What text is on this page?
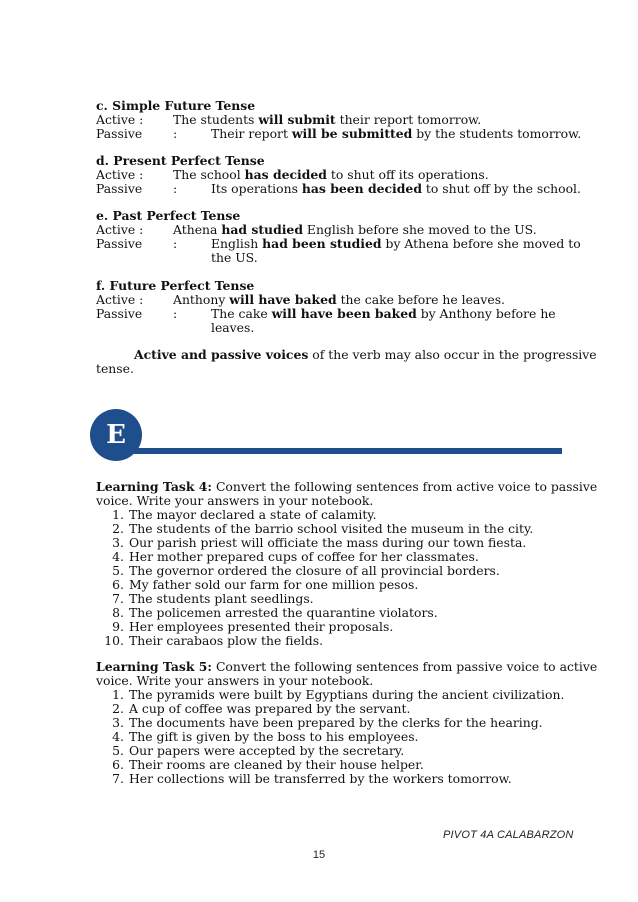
c. Simple Future Tense
Active : The students will submit their report tomorrow.
Passive :	Their report will be submitted by the students tomorrow.
d. Present Perfect Tense
Active : The school has decided to shut off its operations.
Passive :	Its operations has been decided to shut off by the school.
e. Past Perfect Tense
Active : Athena had studied English before she moved to the US.
Passive :	English had been studied by Athena before she moved to
the US.
f. Future Perfect Tense
Active : Anthony will have baked the cake before he leaves.
Passive :	The cake will have been baked by Anthony before he
leaves.
Active and passive voices of the verb may also occur in the progressive
tense.
E
Learning Task 4: Convert the following sentences from active voice to passive
voice. Write your answers in your notebook.
1. The mayor declared a state of calamity.
2. The students of the barrio school visited the museum in the city.
3. Our parish priest will officiate the mass during our town fiesta.
4. Her mother prepared cups of coffee for her classmates.
5. The governor ordered the closure of all provincial borders.
6. My father sold our farm for one million pesos.
7. The students plant seedlings.
8. The policemen arrested the quarantine violators.
9. Her employees presented their proposals.
10. Their carabaos plow the fields.
Learning Task 5: Convert the following sentences from passive voice to active
voice. Write your answers in your notebook.
1. The pyramids were built by Egyptians during the ancient civilization.
2. A cup of coffee was prepared by the servant.
3. The documents have been prepared by the clerks for the hearing.
4. The gift is given by the boss to his employees.
5. Our papers were accepted by the secretary.
6. Their rooms are cleaned by their house helper.
7. Her collections will be transferred by the workers tomorrow.
PIVOT 4A CALABARZON
15
